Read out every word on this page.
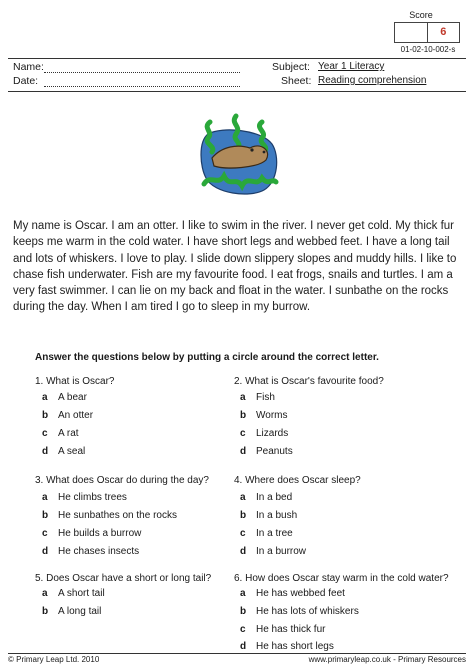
Score
6
01-02-10-002-s
Name:
Date:
Subject: Year 1 Literacy
Sheet: Reading comprehension
My name is Oscar. I am an otter. I like to swim in the river. I never get cold. My thick fur keeps me warm in the cold water. I have short legs and webbed feet. I have a long tail and lots of whiskers. I love to play. I slide down slippery slopes and muddy hills. I like to chase fish underwater. Fish are my favourite food. I eat frogs, snails and turtles. I am a very fast swimmer. I can lie on my back and float in the water. I sunbathe on the rocks during the day. When I am tired I go to sleep in my burrow.
Answer the questions below by putting a circle around the correct letter.
1. What is Oscar?
a A bear
b An otter
c A rat
d A seal
2. What is Oscar's favourite food?
a Fish
b Worms
c Lizards
d Peanuts
3. What does Oscar do during the day?
a He climbs trees
b He sunbathes on the rocks
c He builds a burrow
d He chases insects
4. Where does Oscar sleep?
a In a bed
b In a bush
c In a tree
d In a burrow
5. Does Oscar have a short or long tail?
a A short tail
b A long tail
6. How does Oscar stay warm in the cold water?
a He has webbed feet
b He has lots of whiskers
c He has thick fur
d He has short legs
© Primary Leap Ltd. 2010	www.primaryleap.co.uk - Primary Resources
